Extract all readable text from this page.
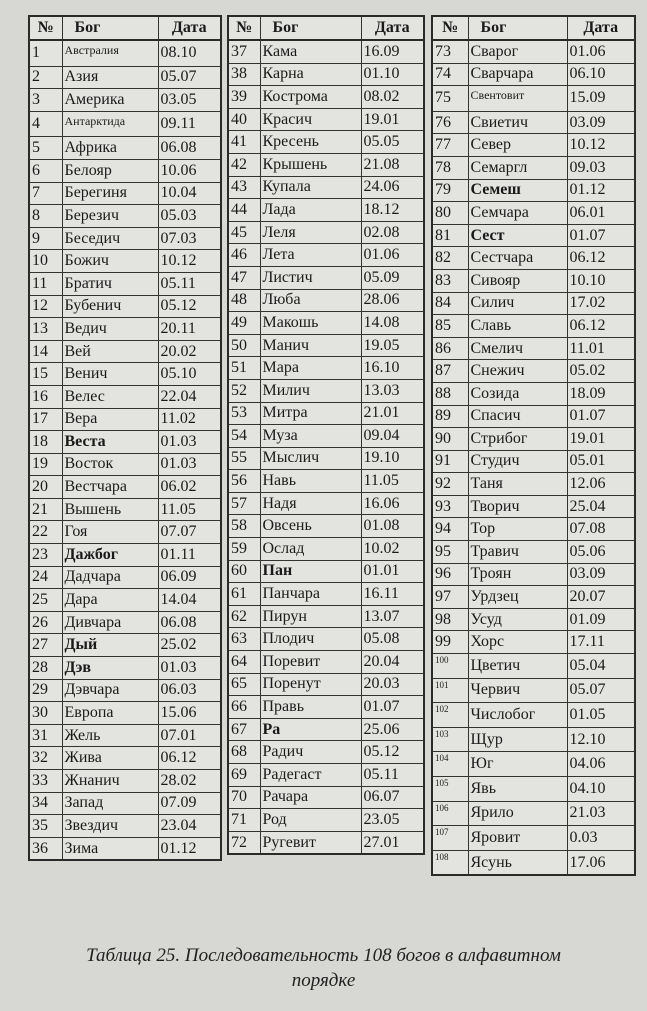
№	Бог	Дата
1	Австралия	08.10
2	Азия	05.07
3	Америка	03.05
4	Антарктида	09.11
5	Африка	06.08
6	Белояр	10.06
7	Берегиня	10.04
8	Березич	05.03
9	Беседич	07.03
10	Божич	10.12
11	Братич	05.11
12	Бубенич	05.12
13	Ведич	20.11
14	Вей	20.02
15	Венич	05.10
16	Велес	22.04
17	Вера	11.02
18	Веста	01.03
19	Восток	01.03
20	Вестчара	06.02
21	Вышень	11.05
22	Гоя	07.07
23	Дажбог	01.11
24	Дадчара	06.09
25	Дара	14.04
26	Дивчара	06.08
27	Дый	25.02
28	Дэв	01.03
29	Дэвчара	06.03
30	Европа	15.06
31	Жель	07.01
32	Жива	06.12
33	Жнанич	28.02
34	Запад	07.09
35	Звездич	23.04
36	Зима	01.12
№	Бог	Дата
37	Кама	16.09
38	Карна	01.10
39	Кострома	08.02
40	Красич	19.01
41	Кресень	05.05
42	Крышень	21.08
43	Купала	24.06
44	Лада	18.12
45	Леля	02.08
46	Лета	01.06
47	Листич	05.09
48	Люба	28.06
49	Макошь	14.08
50	Манич	19.05
51	Мара	16.10
52	Милич	13.03
53	Митра	21.01
54	Муза	09.04
55	Мыслич	19.10
56	Навь	11.05
57	Надя	16.06
58	Овсень	01.08
59	Ослад	10.02
60	Пан	01.01
61	Панчара	16.11
62	Пирун	13.07
63	Плодич	05.08
64	Поревит	20.04
65	Поренут	20.03
66	Правь	01.07
67	Ра	25.06
68	Радич	05.12
69	Радегаст	05.11
70	Рачара	06.07
71	Род	23.05
72	Ругевит	27.01
№	Бог	Дата
73	Сварог	01.06
74	Сварчара	06.10
75	Свентовит	15.09
76	Свиетич	03.09
77	Север	10.12
78	Семаргл	09.03
79	Семеш	01.12
80	Семчара	06.01
81	Сест	01.07
82	Сестчара	06.12
83	Сивояр	10.10
84	Силич	17.02
85	Славь	06.12
86	Смелич	11.01
87	Снежич	05.02
88	Созида	18.09
89	Спасич	01.07
90	Стрибог	19.01
91	Студич	05.01
92	Таня	12.06
93	Творич	25.04
94	Тор	07.08
95	Травич	05.06
96	Троян	03.09
97	Урдзец	20.07
98	Усуд	01.09
99	Хорс	17.11
100	Цветич	05.04
101	Червич	05.07
102	Числобог	01.05
103	Щур	12.10
104	Юг	04.06
105	Явь	04.10
106	Ярило	21.03
107	Яровит	0.03
108	Ясунь	17.06
Таблица 25. Последовательность 108 богов в алфавитном
порядке
